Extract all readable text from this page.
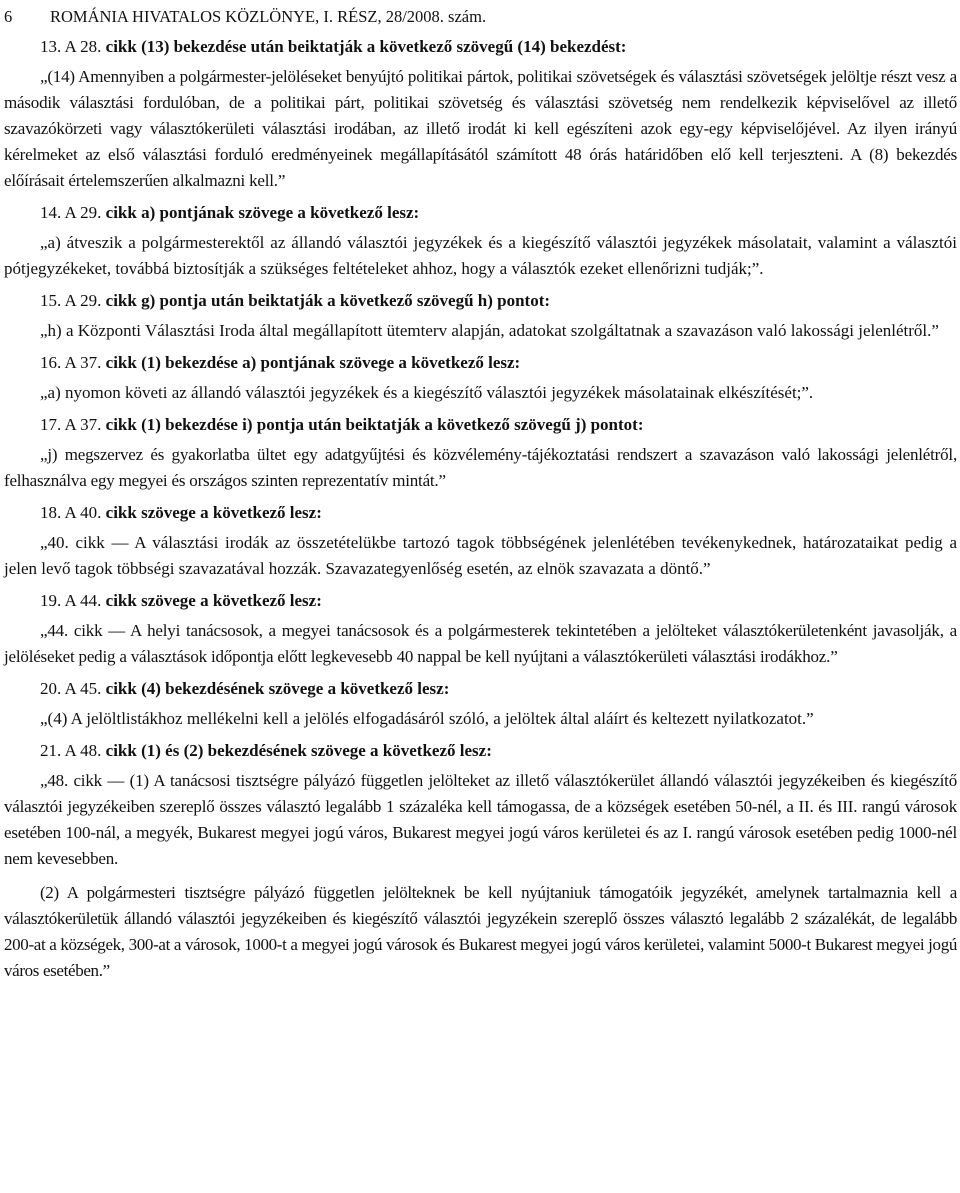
6 ROMÁNIA HIVATALOS KÖZLÖNYE, I. RÉSZ, 28/2008. szám.

13. A 28. cikk (13) bekezdése után beiktatják a következő szövegű (14) bekezdést:

„(14) Amennyiben a polgármester-jelöléseket benyújtó politikai pártok, politikai szövetségek és választási szövetségek jelöltje részt vesz a második választási fordulóban, de a politikai párt, politikai szövetség és választási szövetség nem rendelkezik képviselővel az illető szavazókörzeti vagy választókerületi választási irodában, az illető irodát ki kell egészíteni azok egy-egy képviselőjével. Az ilyen irányú kérelmeket az első választási forduló eredményeinek megállapításától számított 48 órás határidőben elő kell terjeszteni. A (8) bekezdés előírásait értelemszerűen alkalmazni kell.”

14. A 29. cikk a) pontjának szövege a következő lesz:

„a) átveszik a polgármesterektől az állandó választói jegyzékek és a kiegészítő választói jegyzékek másolatait, valamint a választói pótjegyzékeket, továbbá biztosítják a szükséges feltételeket ahhoz, hogy a választók ezeket ellenőrizni tudják;”.

15. A 29. cikk g) pontja után beiktatják a következő szövegű h) pontot:

„h) a Központi Választási Iroda által megállapított ütemterv alapján, adatokat szolgáltatnak a szavazáson való lakossági jelenlétről.”

16. A 37. cikk (1) bekezdése a) pontjának szövege a következő lesz:

„a) nyomon követi az állandó választói jegyzékek és a kiegészítő választói jegyzékek másolatainak elkészítését;”.

17. A 37. cikk (1) bekezdése i) pontja után beiktatják a következő szövegű j) pontot:

„j) megszervez és gyakorlatba ültet egy adatgyűjtési és közvélemény-tájékoztatási rendszert a szavazáson való lakossági jelenlétről, felhasználva egy megyei és országos szinten reprezentatív mintát.”

18. A 40. cikk szövege a következő lesz:

„40. cikk — A választási irodák az összetételükbe tartozó tagok többségének jelenlétében tevékenykednek, határozataikat pedig a jelen levő tagok többségi szavazatával hozzák. Szavazategyenlőség esetén, az elnök szavazata a döntő.”

19. A 44. cikk szövege a következő lesz:

„44. cikk — A helyi tanácsosok, a megyei tanácsosok és a polgármesterek tekintetében a jelölteket választókerületenként javasolják, a jelöléseket pedig a választások időpontja előtt legkevesebb 40 nappal be kell nyújtani a választókerületi választási irodákhoz.”

20. A 45. cikk (4) bekezdésének szövege a következő lesz:

„(4) A jelöltlistákhoz mellékelni kell a jelölés elfogadásáról szóló, a jelöltek által aláírt és keltezett nyilatkozatot.”

21. A 48. cikk (1) és (2) bekezdésének szövege a következő lesz:

„48. cikk — (1) A tanácsosi tisztségre pályázó független jelölteket az illető választókerület állandó választói jegyzékeiben és kiegészítő választói jegyzékeiben szereplő összes választó legalább 1 százaléka kell támogassa, de a községek esetében 50-nél, a II. és III. rangú városok esetében 100-nál, a megyék, Bukarest megyei jogú város, Bukarest megyei jogú város kerületei és az I. rangú városok esetében pedig 1000-nél nem kevesebben.

(2) A polgármesteri tisztségre pályázó független jelölteknek be kell nyújtaniuk támogatóik jegyzékét, amelynek tartalmaznia kell a választókerületük állandó választói jegyzékeiben és kiegészítő választói jegyzékein szereplő összes választó legalább 2 százalékát, de legalább 200-at a községek, 300-at a városok, 1000-t a megyei jogú városok és Bukarest megyei jogú város kerületei, valamint 5000-t Bukarest megyei jogú város esetében.”
